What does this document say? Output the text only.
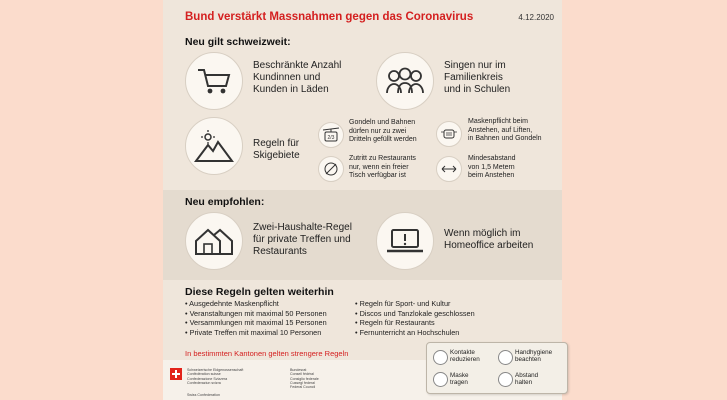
Bund verstärkt Massnahmen gegen das Coronavirus	4.12.2020
Neu gilt schweizweit:
Beschränkte Anzahl
Kundinnen und
Kunden in Läden
Singen nur im
Familienkreis
und in Schulen
Regeln für
Skigebiete
2/3
Gondeln und Bahnen
dürfen nur zu zwei
Dritteln gefüllt werden
Zutritt zu Restaurants
nur, wenn ein freier
Tisch verfügbar ist
Maskenpflicht beim
Anstehen, auf Liften,
in Bahnen und Gondeln
Mindesabstand
von 1,5 Metern
beim Anstehen
Neu empfohlen:
Zwei-Haushalte-Regel
für private Treffen und
Restaurants
Wenn möglich im
Homeoffice arbeiten
Diese Regeln gelten weiterhin
• Ausgedehnte Maskenpflicht
• Veranstaltungen mit maximal 50 Personen
• Versammlungen mit maximal 15 Personen
• Private Treffen mit maximal 10 Personen
• Regeln für Sport- und Kultur
• Discos und Tanzlokale geschlossen
• Regeln für Restaurants
• Fernunterricht an Hochschulen
In bestimmten Kantonen gelten strengere Regeln
Schweizerische Eidgenossenschaft
Confédération suisse
Confederazione Svizzera
Confederaziun svizra
Swiss Confederation
Bundesrat
Conseil fédéral
Consiglio federale
Cussegl federal
Federal Council
Kontakte
reduzieren
Handhygiene
beachten
Maske
tragen
Abstand
halten
